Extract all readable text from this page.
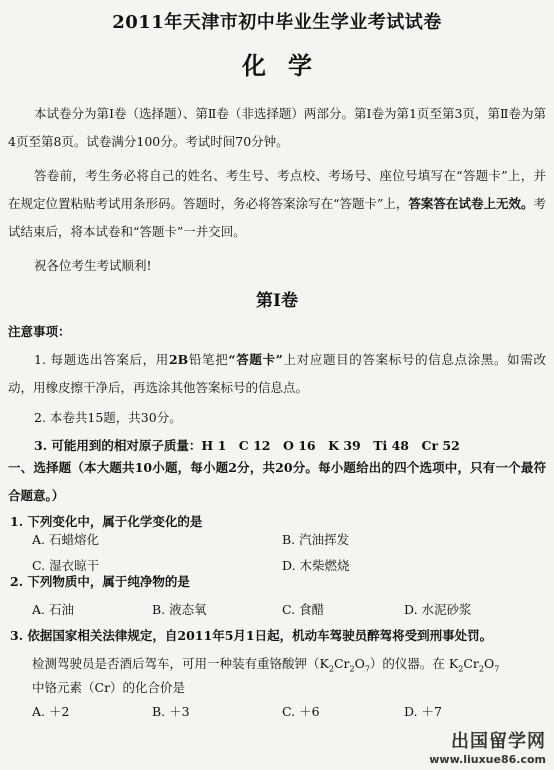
2011年天津市初中毕业生学业考试试卷
化学

本试卷分为第Ⅰ卷（选择题）、第Ⅱ卷（非选择题）两部分。第Ⅰ卷为第1页至第3页，第Ⅱ卷为第4页至第8页。试卷满分100分。考试时间70分钟。

答卷前，考生务必将自己的姓名、考生号、考点校、考场号、座位号填写在“答题卡”上，并在规定位置粘贴考试用条形码。答题时，务必将答案涂写在“答题卡”上，答案答在试卷上无效。考试结束后，将本试卷和“答题卡”一并交回。

祝各位考生考试顺利!

第Ⅰ卷

注意事项：

1. 每题选出答案后，用2B铅笔把“答题卡”上对应题目的答案标号的信息点涂黑。如需改动，用橡皮擦干净后，再选涂其他答案标号的信息点。

2. 本卷共15题，共30分。

3. 可能用到的相对原子质量：H 1　C 12　O 16　K 39　Ti 48　Cr 52

一、选择题（本大题共10小题，每小题2分，共20分。每小题给出的四个选项中，只有一个最符合题意。）

1. 下列变化中，属于化学变化的是

A. 石蜡熔化	B. 汽油挥发
C. 湿衣晾干	D. 木柴燃烧

2. 下列物质中，属于纯净物的是

A. 石油	B. 液态氧	C. 食醋	D. 水泥砂浆

3. 依据国家相关法律规定，自2011年5月1日起，机动车驾驶员醉驾将受到刑事处罚。

检测驾驶员是否酒后驾车，可用一种装有重铬酸钾$(K_2Cr_2O_7)$的仪器。在 $K_2Cr_2O_7$

中铬元素（Cr）的化合价是

A. ＋2	B. ＋3	C. ＋6	D. ＋7
出国留学网
www.liuxue86.com
